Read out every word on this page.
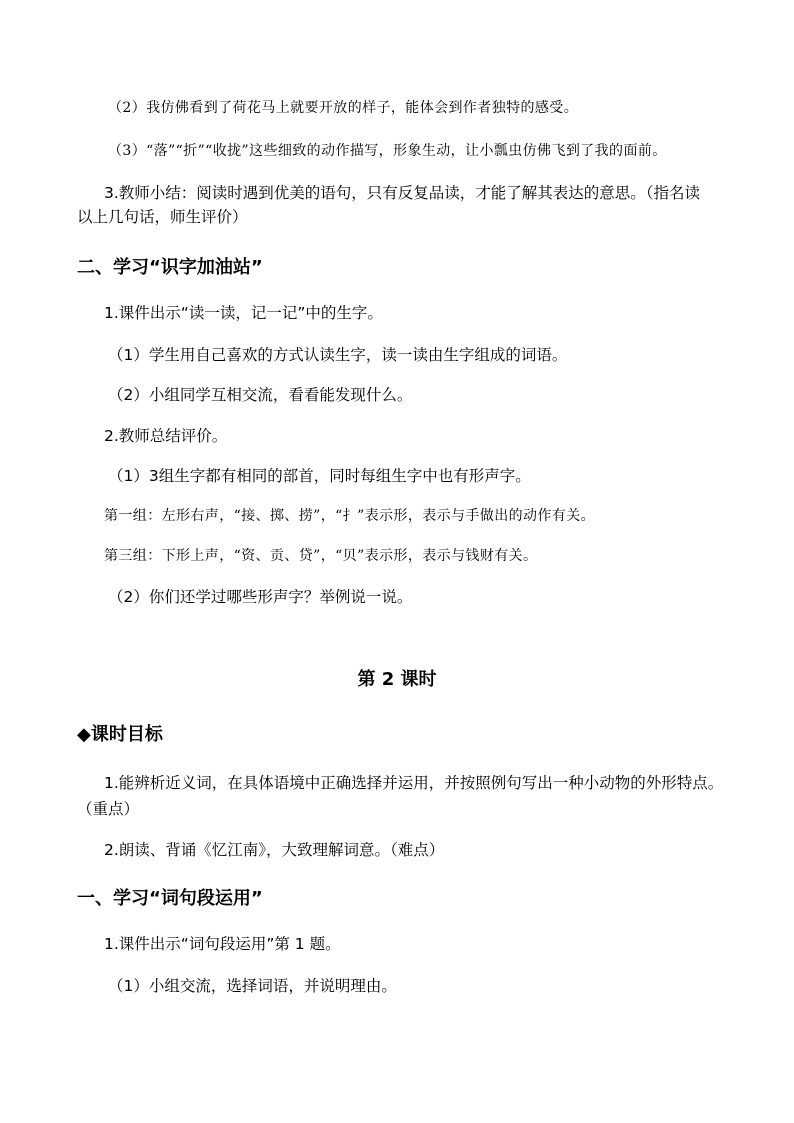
（2）我仿佛看到了荷花马上就要开放的样子，能体会到作者独特的感受。
（3）“落”“折”“收拢”这些细致的动作描写，形象生动，让小瓢虫仿佛飞到了我的面前。
3.教师小结：阅读时遇到优美的语句，只有反复品读，才能了解其表达的意思。（指名读
以上几句话，师生评价）
二、学习“识字加油站”
1.课件出示“读一读，记一记”中的生字。
（1）学生用自己喜欢的方式认读生字，读一读由生字组成的词语。
（2）小组同学互相交流，看看能发现什么。
2.教师总结评价。
（1）3组生字都有相同的部首，同时每组生字中也有形声字。
第一组：左形右声，“接、掷、捞”，“扌”表示形，表示与手做出的动作有关。
第三组：下形上声，“资、贡、贷”，“贝”表示形，表示与钱财有关。
（2）你们还学过哪些形声字？举例说一说。
第 2 课时
◆课时目标
1.能辨析近义词，在具体语境中正确选择并运用，并按照例句写出一种小动物的外形特点。
（重点）
2.朗读、背诵《忆江南》，大致理解词意。（难点）
一、学习“词句段运用”
1.课件出示“词句段运用”第 1 题。
（1）小组交流，选择词语，并说明理由。
